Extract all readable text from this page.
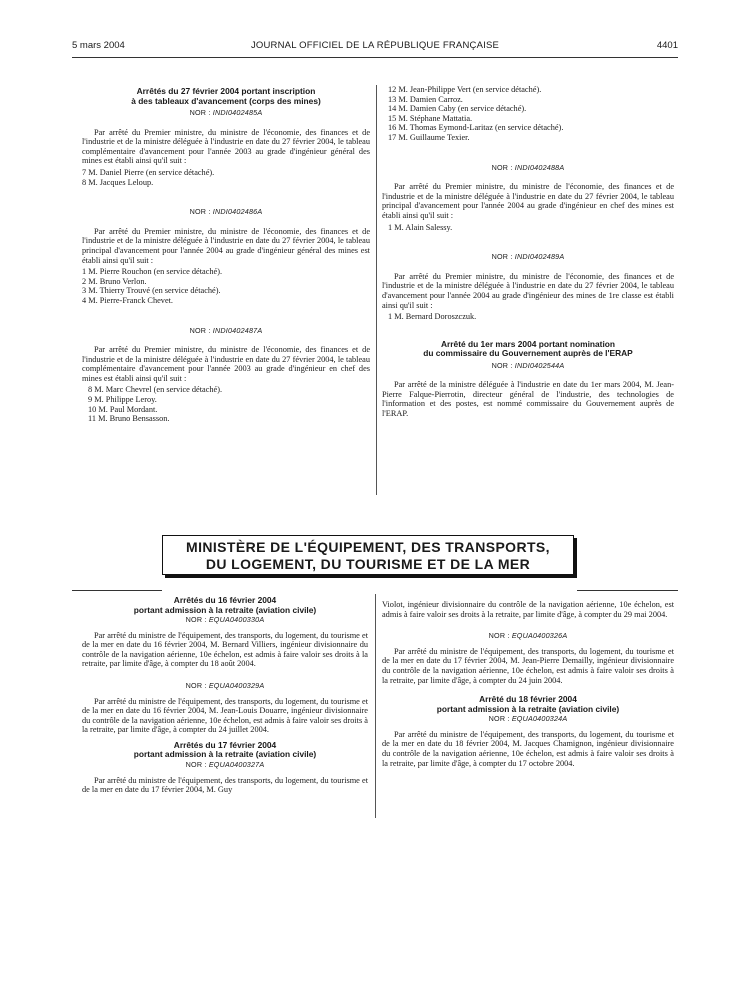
5 mars 2004	JOURNAL OFFICIEL DE LA RÉPUBLIQUE FRANÇAISE	4401
Arrêtés du 27 février 2004 portant inscription
à des tableaux d'avancement (corps des mines)
NOR : INDI0402485A

Par arrêté du Premier ministre, du ministre de l'économie, des finances et de l'industrie et de la ministre déléguée à l'industrie en date du 27 février 2004, le tableau complémentaire d'avancement pour l'année 2003 au grade d'ingénieur général des mines est établi ainsi qu'il suit :

7 M. Daniel Pierre (en service détaché).
8 M. Jacques Leloup.
NOR : INDI0402486A

Par arrêté du Premier ministre, du ministre de l'économie, des finances et de l'industrie et de la ministre déléguée à l'industrie en date du 27 février 2004, le tableau principal d'avancement pour l'année 2004 au grade d'ingénieur général des mines est établi ainsi qu'il suit :

1 M. Pierre Rouchon (en service détaché).
2 M. Bruno Verlon.
3 M. Thierry Trouvé (en service détaché).
4 M. Pierre-Franck Chevet.
NOR : INDI0402487A

Par arrêté du Premier ministre, du ministre de l'économie, des finances et de l'industrie et de la ministre déléguée à l'industrie en date du 27 février 2004, le tableau complémentaire d'avancement pour l'année 2003 au grade d'ingénieur en chef des mines est établi ainsi qu'il suit :

8 M. Marc Chevrel (en service détaché).
9 M. Philippe Leroy.
10 M. Paul Mordant.
11 M. Bruno Bensasson.
12 M. Jean-Philippe Vert (en service détaché).
13 M. Damien Carroz.
14 M. Damien Caby (en service détaché).
15 M. Stéphane Mattatia.
16 M. Thomas Eymond-Laritaz (en service détaché).
17 M. Guillaume Texier.
NOR : INDI0402488A

Par arrêté du Premier ministre, du ministre de l'économie, des finances et de l'industrie et de la ministre déléguée à l'industrie en date du 27 février 2004, le tableau principal d'avancement pour l'année 2004 au grade d'ingénieur en chef des mines est établi ainsi qu'il suit :

1 M. Alain Salessy.
NOR : INDI0402489A

Par arrêté du Premier ministre, du ministre de l'économie, des finances et de l'industrie et de la ministre déléguée à l'industrie en date du 27 février 2004, le tableau d'avancement pour l'année 2004 au grade d'ingénieur des mines de 1re classe est établi ainsi qu'il suit :

1 M. Bernard Doroszczuk.
Arrêté du 1er mars 2004 portant nomination
du commissaire du Gouvernement auprès de l'ERAP
NOR : INDI0402544A

Par arrêté de la ministre déléguée à l'industrie en date du 1er mars 2004, M. Jean-Pierre Falque-Pierrotin, directeur général de l'industrie, des technologies de l'information et des postes, est nommé commissaire du Gouvernement auprès de l'ERAP.

MINISTÈRE DE L'ÉQUIPEMENT, DES TRANSPORTS,
DU LOGEMENT, DU TOURISME ET DE LA MER
Arrêtés du 16 février 2004
portant admission à la retraite (aviation civile)
NOR : EQUA0400330A

Par arrêté du ministre de l'équipement, des transports, du logement, du tourisme et de la mer en date du 16 février 2004, M. Bernard Villiers, ingénieur divisionnaire du contrôle de la navigation aérienne, 10e échelon, est admis à faire valoir ses droits à la retraite, par limite d'âge, à compter du 18 août 2004.

NOR : EQUA0400329A

Par arrêté du ministre de l'équipement, des transports, du logement, du tourisme et de la mer en date du 16 février 2004, M. Jean-Louis Douarre, ingénieur divisionnaire du contrôle de la navigation aérienne, 10e échelon, est admis à faire valoir ses droits à la retraite, par limite d'âge, à compter du 24 juillet 2004.

Arrêtés du 17 février 2004
portant admission à la retraite (aviation civile)
NOR : EQUA0400327A

Par arrêté du ministre de l'équipement, des transports, du logement, du tourisme et de la mer en date du 17 février 2004, M. Guy

Violot, ingénieur divisionnaire du contrôle de la navigation aérienne, 10e échelon, est admis à faire valoir ses droits à la retraite, par limite d'âge, à compter du 29 mai 2004.

NOR : EQUA0400326A

Par arrêté du ministre de l'équipement, des transports, du logement, du tourisme et de la mer en date du 17 février 2004, M. Jean-Pierre Demailly, ingénieur divisionnaire du contrôle de la navigation aérienne, 10e échelon, est admis à faire valoir ses droits à la retraite, par limite d'âge, à compter du 24 juin 2004.

Arrêté du 18 février 2004
portant admission à la retraite (aviation civile)
NOR : EQUA0400324A

Par arrêté du ministre de l'équipement, des transports, du logement, du tourisme et de la mer en date du 18 février 2004, M. Jacques Chamignon, ingénieur divisionnaire du contrôle de la navigation aérienne, 10e échelon, est admis à faire valoir ses droits à la retraite, par limite d'âge, à compter du 17 octobre 2004.
